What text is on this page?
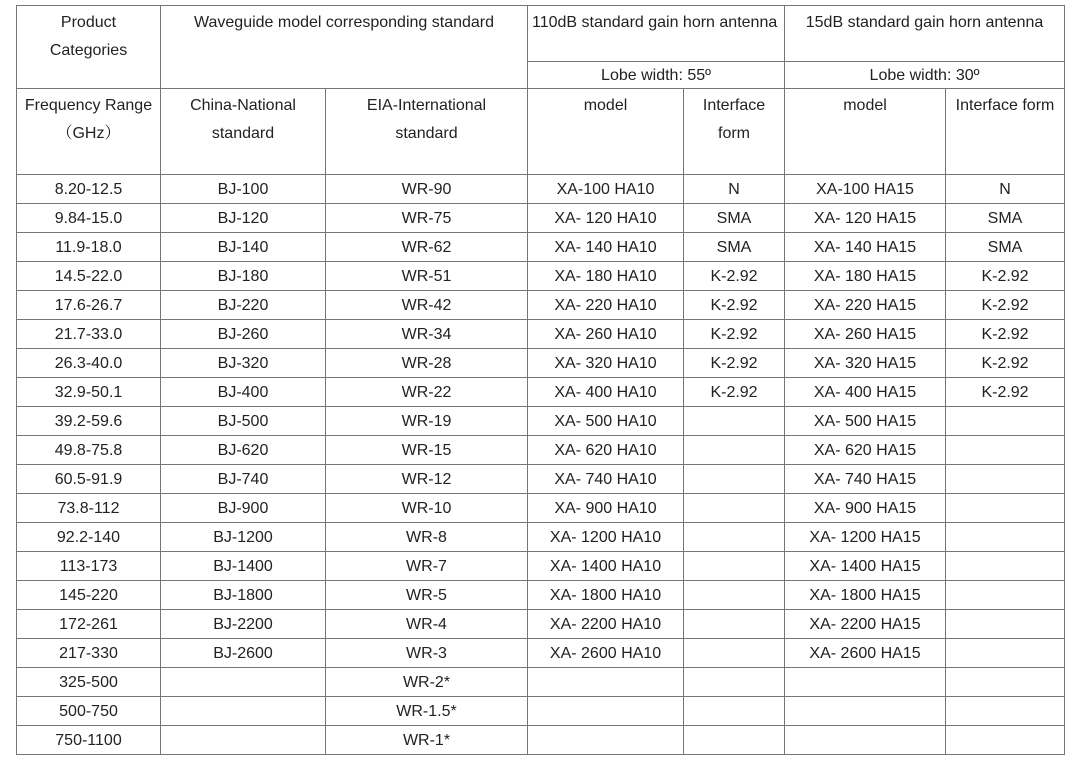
Product Categories	Waveguide model corresponding standard		110dB standard gain horn antenna		15dB standard gain horn antenna	
			Lobe width: 55º		Lobe width: 30º	
Frequency Range（GHz）	China-National standard	EIA-International standard	model	Interface form	model	Interface form
8.20-12.5	BJ-100	WR-90	XA-100 HA10	N	XA-100 HA15	N
9.84-15.0	BJ-120	WR-75	XA- 120 HA10	SMA	XA- 120 HA15	SMA
11.9-18.0	BJ-140	WR-62	XA- 140 HA10	SMA	XA- 140 HA15	SMA
14.5-22.0	BJ-180	WR-51	XA- 180 HA10	K-2.92	XA- 180 HA15	K-2.92
17.6-26.7	BJ-220	WR-42	XA- 220 HA10	K-2.92	XA- 220 HA15	K-2.92
21.7-33.0	BJ-260	WR-34	XA- 260 HA10	K-2.92	XA- 260 HA15	K-2.92
26.3-40.0	BJ-320	WR-28	XA- 320 HA10	K-2.92	XA- 320 HA15	K-2.92
32.9-50.1	BJ-400	WR-22	XA- 400 HA10	K-2.92	XA- 400 HA15	K-2.92
39.2-59.6	BJ-500	WR-19	XA- 500 HA10		XA- 500 HA15	
49.8-75.8	BJ-620	WR-15	XA- 620 HA10		XA- 620 HA15	
60.5-91.9	BJ-740	WR-12	XA- 740 HA10		XA- 740 HA15	
73.8-112	BJ-900	WR-10	XA- 900 HA10		XA- 900 HA15	
92.2-140	BJ-1200	WR-8	XA- 1200 HA10		XA- 1200 HA15	
113-173	BJ-1400	WR-7	XA- 1400 HA10		XA- 1400 HA15	
145-220	BJ-1800	WR-5	XA- 1800 HA10		XA- 1800 HA15	
172-261	BJ-2200	WR-4	XA- 2200 HA10		XA- 2200 HA15	
217-330	BJ-2600	WR-3	XA- 2600 HA10		XA- 2600 HA15	
325-500		WR-2*				
500-750		WR-1.5*				
750-1100		WR-1*				
